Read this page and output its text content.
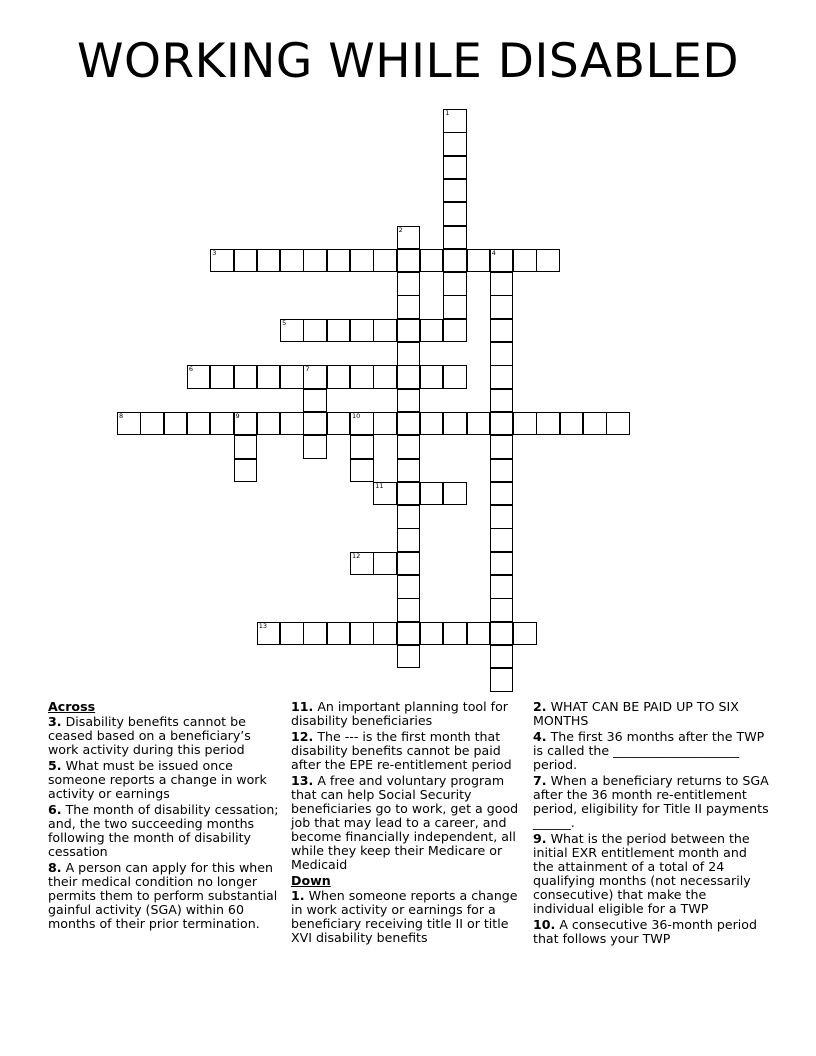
WORKING WHILE DISABLED
1
2
3	4
5
6	7
8	9	10
11
12
13

Across

3. Disability benefits cannot be ceased based on a beneficiary’s work activity during this period

5. What must be issued once someone reports a change in work activity or earnings

6. The month of disability cessation; and, the two succeeding months following the month of disability cessation

8. A person can apply for this when their medical condition no longer permits them to perform substantial gainful activity (SGA) within 60 months of their prior termination.

11. An important planning tool for disability beneficiaries

12. The --- is the first month that disability benefits cannot be paid after the EPE re-entitlement period

13. A free and voluntary program that can help Social Security beneficiaries go to work, get a good job that may lead to a career, and become financially independent, all while they keep their Medicare or Medicaid

Down

1. When someone reports a change in work activity or earnings for a beneficiary receiving title II or title XVI disability benefits

2. WHAT CAN BE PAID UP TO SIX MONTHS

4. The first 36 months after the TWP is called the ____________________ period.

7. When a beneficiary returns to SGA after the 36 month re-entitlement period, eligibility for Title II payments ______.

9. What is the period between the initial EXR entitlement month and the attainment of a total of 24 qualifying months (not necessarily consecutive) that make the individual eligible for a TWP

10. A consecutive 36-month period that follows your TWP
